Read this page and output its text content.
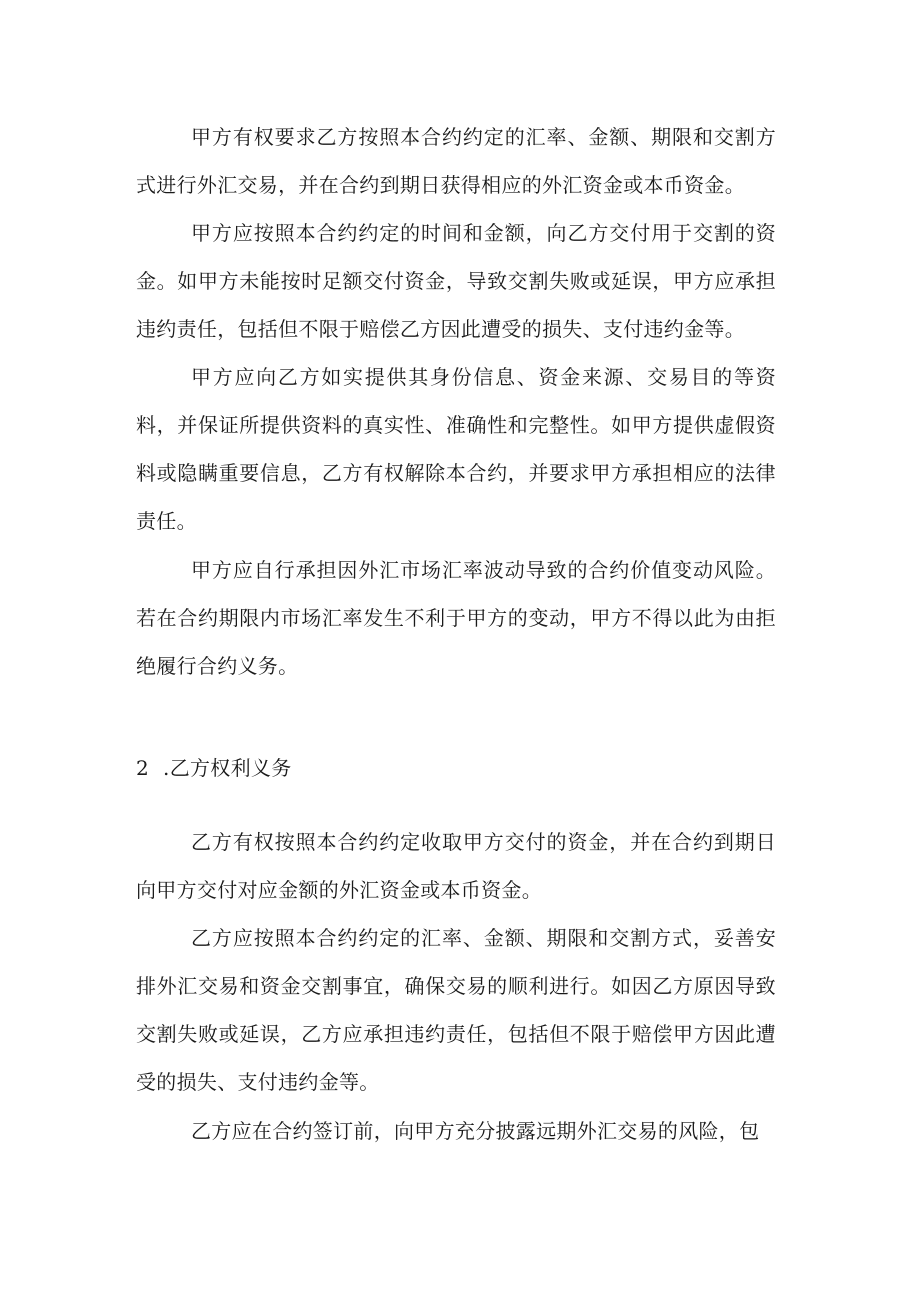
甲方有权要求乙方按照本合约约定的汇率、金额、期限和交割方式进行外汇交易，并在合约到期日获得相应的外汇资金或本币资金。

甲方应按照本合约约定的时间和金额，向乙方交付用于交割的资金。如甲方未能按时足额交付资金，导致交割失败或延误，甲方应承担违约责任，包括但不限于赔偿乙方因此遭受的损失、支付违约金等。

甲方应向乙方如实提供其身份信息、资金来源、交易目的等资料，并保证所提供资料的真实性、准确性和完整性。如甲方提供虚假资料或隐瞒重要信息，乙方有权解除本合约，并要求甲方承担相应的法律责任。

甲方应自行承担因外汇市场汇率波动导致的合约价值变动风险。若在合约期限内市场汇率发生不利于甲方的变动，甲方不得以此为由拒绝履行合约义务。

2 .乙方权利义务

乙方有权按照本合约约定收取甲方交付的资金，并在合约到期日向甲方交付对应金额的外汇资金或本币资金。

乙方应按照本合约约定的汇率、金额、期限和交割方式，妥善安排外汇交易和资金交割事宜，确保交易的顺利进行。如因乙方原因导致交割失败或延误，乙方应承担违约责任，包括但不限于赔偿甲方因此遭受的损失、支付违约金等。

乙方应在合约签订前，向甲方充分披露远期外汇交易的风险，包
